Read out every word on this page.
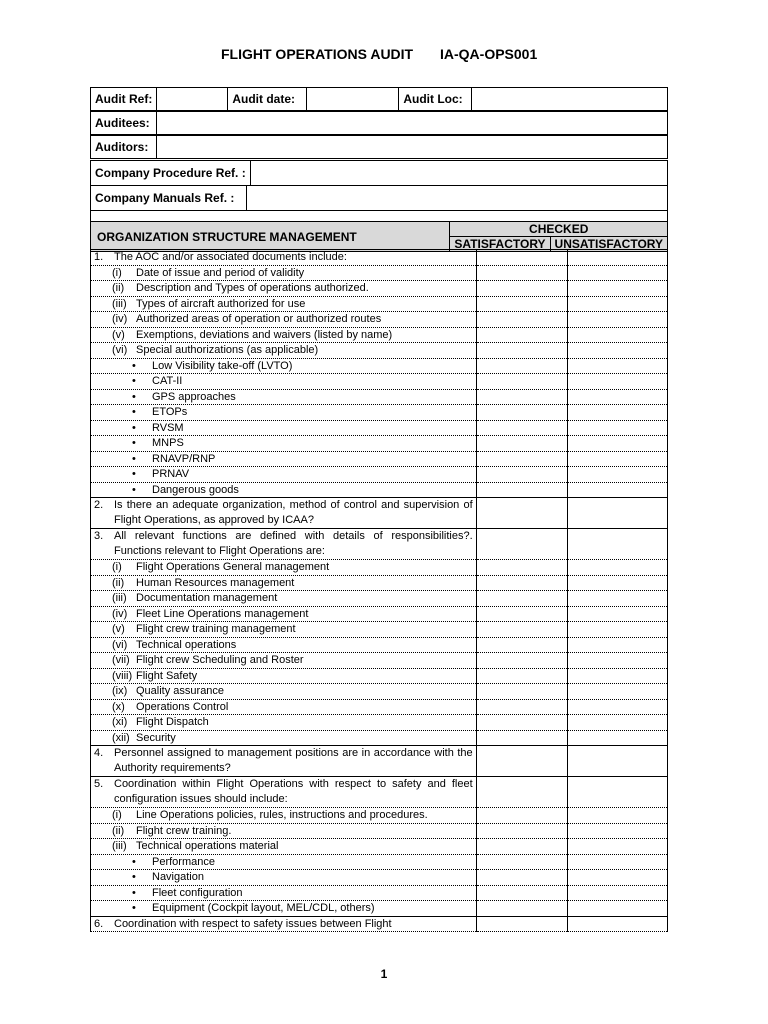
FLIGHT OPERATIONS AUDIT IA-QA-OPS001
Audit Ref:		Audit date:		Audit Loc:	
Auditees:	
Auditors:	
Company Procedure Ref. :	
Company Manuals Ref. :	
ORGANIZATION STRUCTURE MANAGEMENT	CHECKED	
	SATISFACTORY	UNSATISFACTORY
1. The AOC and/or associated documents include:		
(i) Date of issue and period of validity		
(ii) Description and Types of operations authorized.		
(iii) Types of aircraft authorized for use		
(iv) Authorized areas of operation or authorized routes		
(v) Exemptions, deviations and waivers (listed by name)		
(vi) Special authorizations (as applicable)		
• Low Visibility take-off (LVTO)		
• CAT-II		
• GPS approaches		
• ETOPs		
• RVSM		
• MNPS		
• RNAVP/RNP		
• PRNAV		
• Dangerous goods		

2. Is there an adequate organization, method of control and supervision of Flight Operations, as approved by ICAA?		

3. All relevant functions are defined with details of responsibilities?. Functions relevant to Flight Operations are:		

(i) Flight Operations General management		
(ii) Human Resources management		
(iii) Documentation management		
(iv) Fleet Line Operations management		
(v) Flight crew training management		
(vi) Technical operations		
(vii) Flight crew Scheduling and Roster		
(viii) Flight Safety		
(ix) Quality assurance		
(x) Operations Control		
(xi) Flight Dispatch		
(xii) Security		

4. Personnel assigned to management positions are in accordance with the Authority requirements?		

5. Coordination within Flight Operations with respect to safety and fleet configuration issues should include:		

(i) Line Operations policies, rules, instructions and procedures.		
(ii) Flight crew training.		
(iii) Technical operations material		
• Performance		
• Navigation		
• Fleet configuration		
• Equipment (Cockpit layout, MEL/CDL, others)		
6. Coordination with respect to safety issues between Flight		
1
